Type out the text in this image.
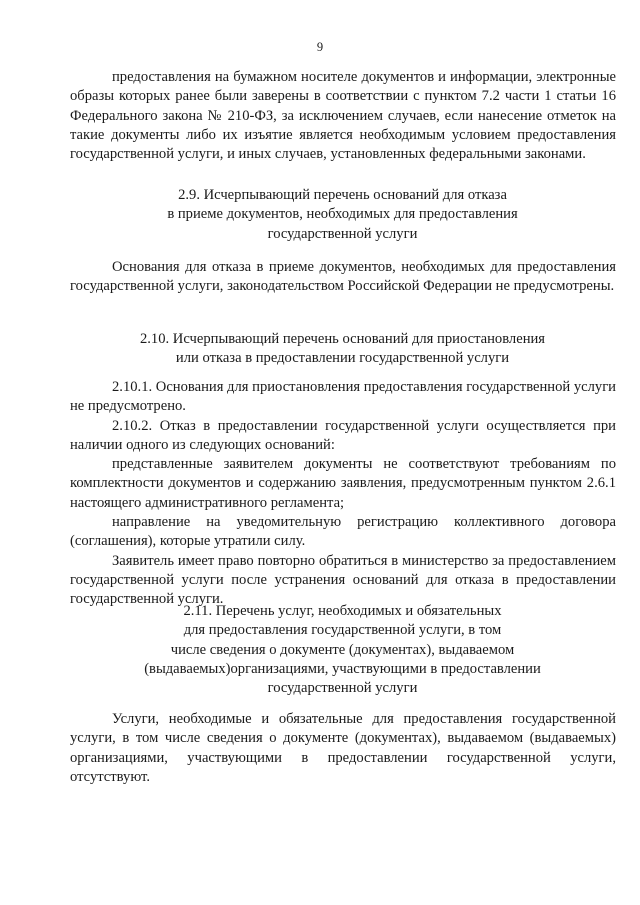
9

предоставления на бумажном носителе документов и информации, электронные образы которых ранее были заверены в соответствии с пунктом 7.2 части 1 статьи 16 Федерального закона № 210-ФЗ, за исключением случаев, если нанесение отметок на такие документы либо их изъятие является необходимым условием предоставления государственной услуги, и иных случаев, установленных федеральными законами.

2.9. Исчерпывающий перечень оснований для отказа
в приеме документов, необходимых для предоставления
государственной услуги

Основания для отказа в приеме документов, необходимых для предоставления государственной услуги, законодательством Российской Федерации не предусмотрены.

2.10. Исчерпывающий перечень оснований для приостановления
или отказа в предоставлении государственной услуги

2.10.1. Основания для приостановления предоставления государственной услуги не предусмотрено.

2.10.2. Отказ в предоставлении государственной услуги осуществляется при наличии одного из следующих оснований:

представленные заявителем документы не соответствуют требованиям по комплектности документов и содержанию заявления, предусмотренным пунктом 2.6.1 настоящего административного регламента;

направление на уведомительную регистрацию коллективного договора (соглашения), которые утратили силу.

Заявитель имеет право повторно обратиться в министерство за предоставлением государственной услуги после устранения оснований для отказа в предоставлении государственной услуги.

2.11. Перечень услуг, необходимых и обязательных
для предоставления государственной услуги, в том
числе сведения о документе (документах), выдаваемом
(выдаваемых)организациями, участвующими в предоставлении
государственной услуги

Услуги, необходимые и обязательные для предоставления государственной услуги, в том числе сведения о документе (документах), выдаваемом (выдаваемых) организациями, участвующими в предоставлении государственной услуги, отсутствуют.
